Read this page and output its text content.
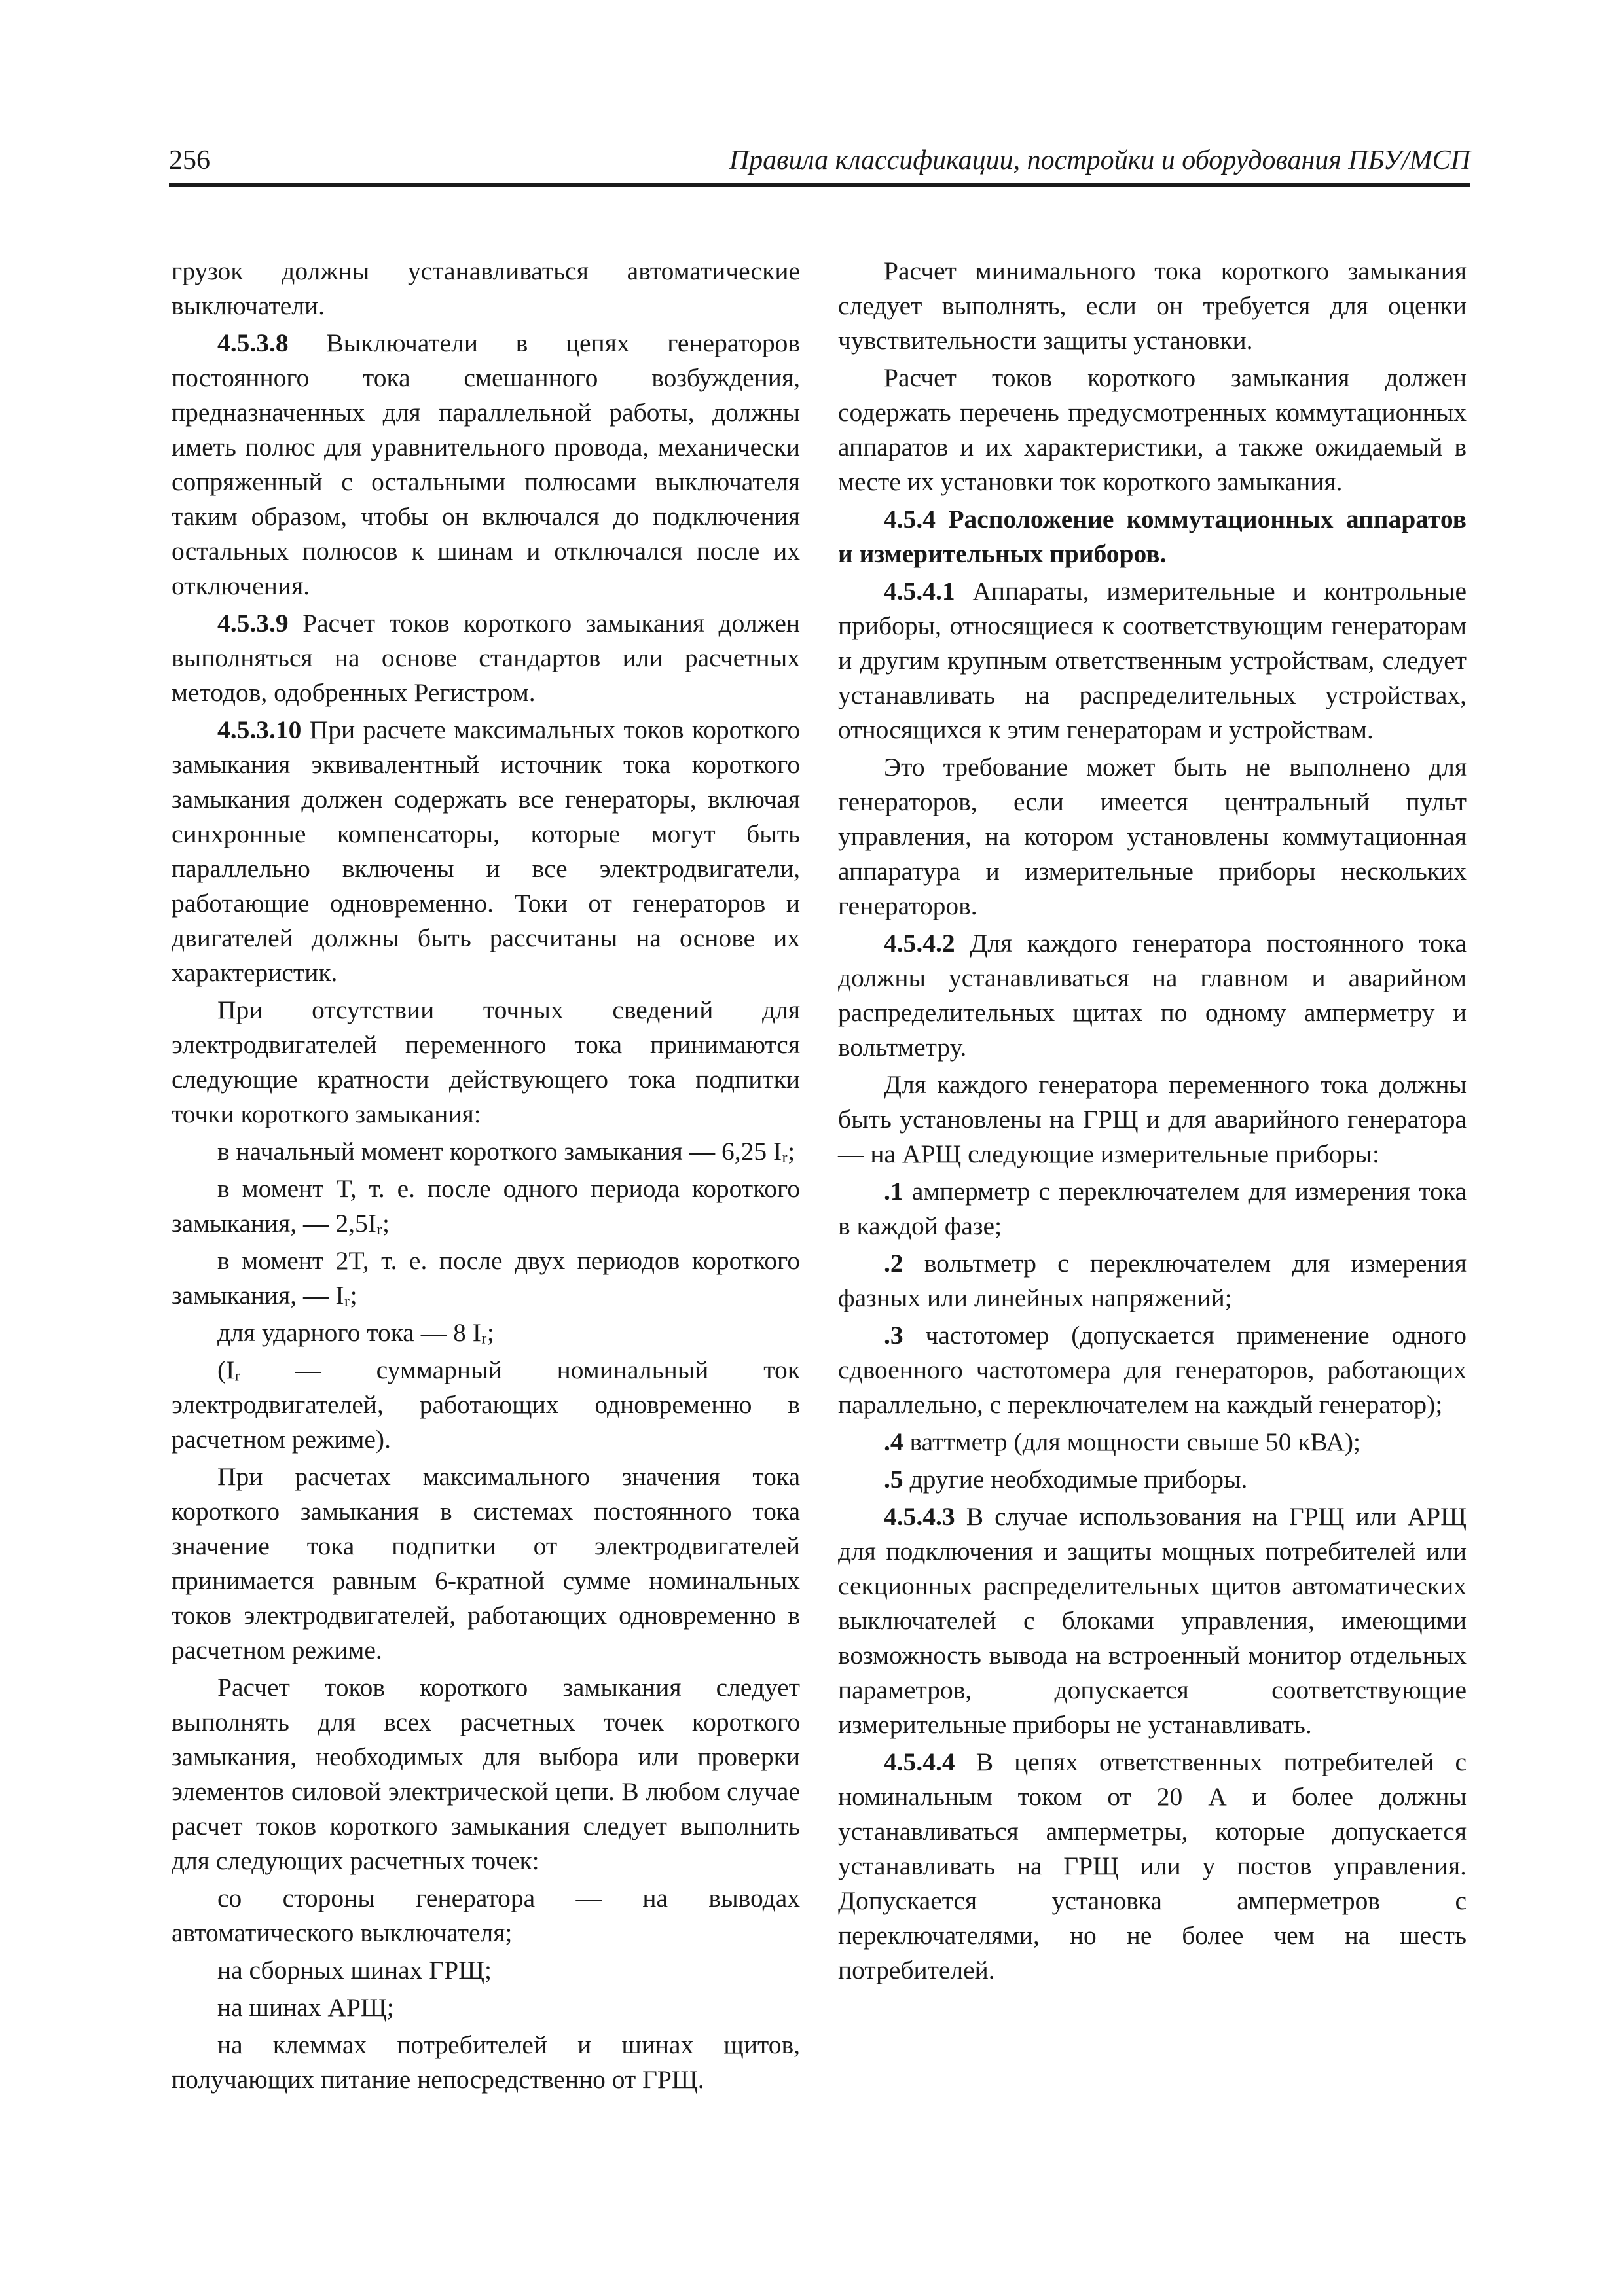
256	Правила классификации, постройки и оборудования ПБУ/МСП

грузок должны устанавливаться автоматические выключатели.

4.5.3.8 Выключатели в цепях генераторов постоянного тока смешанного возбуждения, предназначенных для параллельной работы, должны иметь полюс для уравнительного провода, механически сопряженный с остальными полюсами выключателя таким образом, чтобы он включался до подключения остальных полюсов к шинам и отключался после их отключения.

4.5.3.9 Расчет токов короткого замыкания должен выполняться на основе стандартов или расчетных методов, одобренных Регистром.

4.5.3.10 При расчете максимальных токов короткого замыкания эквивалентный источник тока короткого замыкания должен содержать все генераторы, включая синхронные компенсаторы, которые могут быть параллельно включены и все электродвигатели, работающие одновременно. Токи от генераторов и двигателей должны быть рассчитаны на основе их характеристик.

При отсутствии точных сведений для электродвигателей переменного тока принимаются следующие кратности действующего тока подпитки точки короткого замыкания:

в начальный момент короткого замыкания — 6,25 Iᵣ;

в момент T, т. е. после одного периода короткого замыкания, — 2,5Iᵣ;

в момент 2T, т. е. после двух периодов короткого замыкания, — Iᵣ;

для ударного тока — 8 Iᵣ;

(Iᵣ — суммарный номинальный ток электродвигателей, работающих одновременно в расчетном режиме).

При расчетах максимального значения тока короткого замыкания в системах постоянного тока значение тока подпитки от электродвигателей принимается равным 6-кратной сумме номинальных токов электродвигателей, работающих одновременно в расчетном режиме.

Расчет токов короткого замыкания следует выполнять для всех расчетных точек короткого замыкания, необходимых для выбора или проверки элементов силовой электрической цепи. В любом случае расчет токов короткого замыкания следует выполнить для следующих расчетных точек:

со стороны генератора — на выводах автоматического выключателя;

на сборных шинах ГРЩ;

на шинах АРЩ;

на клеммах потребителей и шинах щитов, получающих питание непосредственно от ГРЩ.

Расчет минимального тока короткого замыкания следует выполнять, если он требуется для оценки чувствительности защиты установки.

Расчет токов короткого замыкания должен содержать перечень предусмотренных коммутационных аппаратов и их характеристики, а также ожидаемый в месте их установки ток короткого замыкания.

4.5.4 Расположение коммутационных аппаратов и измерительных приборов.

4.5.4.1 Аппараты, измерительные и контрольные приборы, относящиеся к соответствующим генераторам и другим крупным ответственным устройствам, следует устанавливать на распределительных устройствах, относящихся к этим генераторам и устройствам.

Это требование может быть не выполнено для генераторов, если имеется центральный пульт управления, на котором установлены коммутационная аппаратура и измерительные приборы нескольких генераторов.

4.5.4.2 Для каждого генератора постоянного тока должны устанавливаться на главном и аварийном распределительных щитах по одному амперметру и вольтметру.

Для каждого генератора переменного тока должны быть установлены на ГРЩ и для аварийного генератора — на АРЩ следующие измерительные приборы:

.1 амперметр с переключателем для измерения тока в каждой фазе;

.2 вольтметр с переключателем для измерения фазных или линейных напряжений;

.3 частотомер (допускается применение одного сдвоенного частотомера для генераторов, работающих параллельно, с переключателем на каждый генератор);

.4 ваттметр (для мощности свыше 50 кВА);

.5 другие необходимые приборы.

4.5.4.3 В случае использования на ГРЩ или АРЩ для подключения и защиты мощных потребителей или секционных распределительных щитов автоматических выключателей с блоками управления, имеющими возможность вывода на встроенный монитор отдельных параметров, допускается соответствующие измерительные приборы не устанавливать.

4.5.4.4 В цепях ответственных потребителей с номинальным током от 20 А и более должны устанавливаться амперметры, которые допускается устанавливать на ГРЩ или у постов управления. Допускается установка амперметров с переключателями, но не более чем на шесть потребителей.
